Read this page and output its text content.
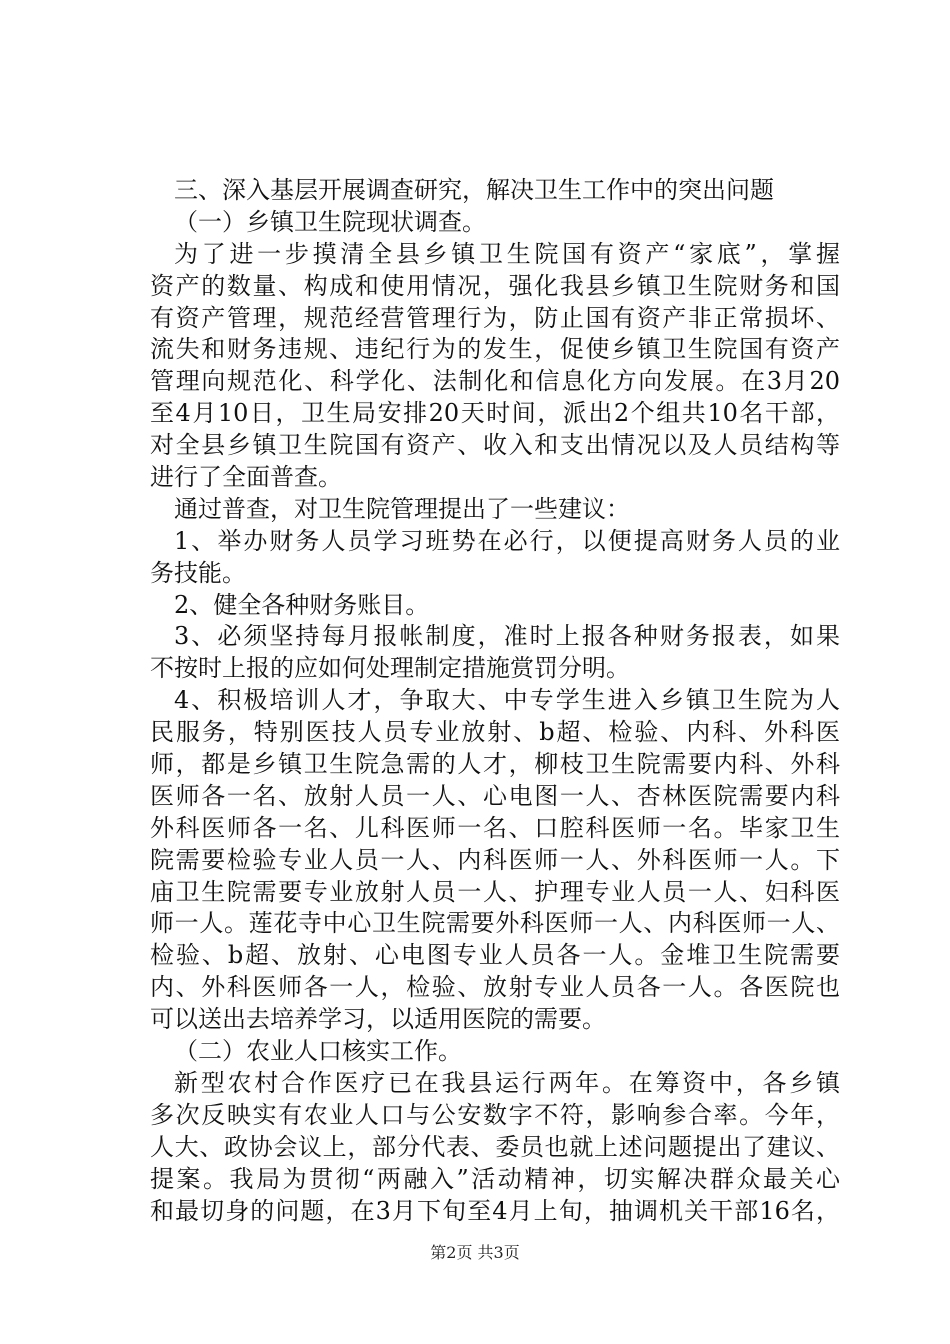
三、深入基层开展调查研究，解决卫生工作中的突出问题
（一）乡镇卫生院现状调查。
为了进一步摸清全县乡镇卫生院国有资产“家底”，掌握
资产的数量、构成和使用情况，强化我县乡镇卫生院财务和国
有资产管理，规范经营管理行为，防止国有资产非正常损坏、
流失和财务违规、违纪行为的发生，促使乡镇卫生院国有资产
管理向规范化、科学化、法制化和信息化方向发展。在3月20
至4月10日，卫生局安排20天时间，派出2个组共10名干部，
对全县乡镇卫生院国有资产、收入和支出情况以及人员结构等
进行了全面普查。
通过普查，对卫生院管理提出了一些建议：
1、举办财务人员学习班势在必行，以便提高财务人员的业
务技能。
2、健全各种财务账目。
3、必须坚持每月报帐制度，准时上报各种财务报表，如果
不按时上报的应如何处理制定措施赏罚分明。
4、积极培训人才，争取大、中专学生进入乡镇卫生院为人
民服务，特别医技人员专业放射、b超、检验、内科、外科医
师，都是乡镇卫生院急需的人才，柳枝卫生院需要内科、外科
医师各一名、放射人员一人、心电图一人、杏林医院需要内科
外科医师各一名、儿科医师一名、口腔科医师一名。毕家卫生
院需要检验专业人员一人、内科医师一人、外科医师一人。下
庙卫生院需要专业放射人员一人、护理专业人员一人、妇科医
师一人。莲花寺中心卫生院需要外科医师一人、内科医师一人、
检验、b超、放射、心电图专业人员各一人。金堆卫生院需要
内、外科医师各一人，检验、放射专业人员各一人。各医院也
可以送出去培养学习，以适用医院的需要。
（二）农业人口核实工作。
新型农村合作医疗已在我县运行两年。在筹资中，各乡镇
多次反映实有农业人口与公安数字不符，影响参合率。今年，
人大、政协会议上，部分代表、委员也就上述问题提出了建议、
提案。我局为贯彻“两融入”活动精神，切实解决群众最关心
和最切身的问题，在3月下旬至4月上旬，抽调机关干部16名，
第2页 共3页
